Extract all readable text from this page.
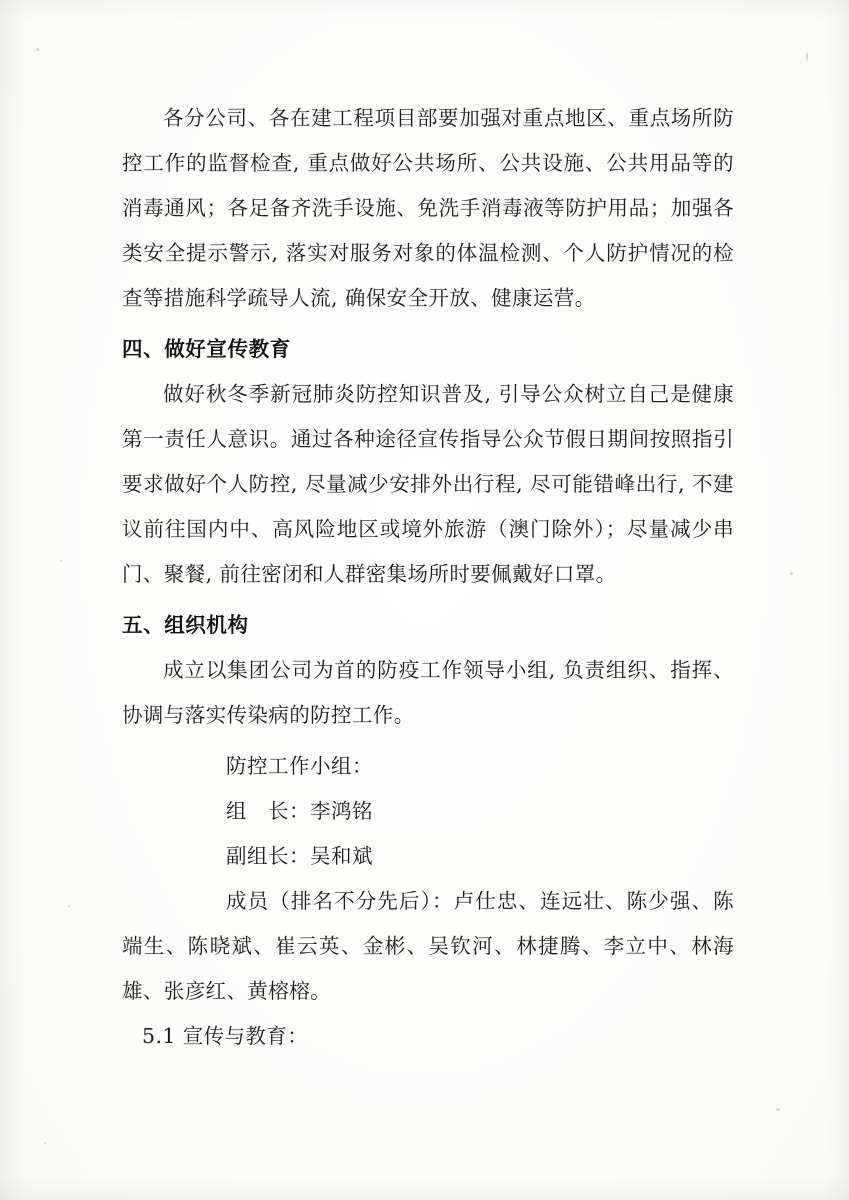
各分公司、各在建工程项目部要加强对重点地区、重点场所防控工作的监督检查, 重点做好公共场所、公共设施、公共用品等的消毒通风；各足备齐洗手设施、免洗手消毒液等防护用品；加强各类安全提示警示, 落实对服务对象的体温检测、个人防护情况的检查等措施科学疏导人流, 确保安全开放、健康运营。

四、做好宣传教育

做好秋冬季新冠肺炎防控知识普及, 引导公众树立自己是健康第一责任人意识。通过各种途径宣传指导公众节假日期间按照指引要求做好个人防控, 尽量减少安排外出行程, 尽可能错峰出行, 不建议前往国内中、高风险地区或境外旅游（澳门除外）；尽量减少串门、聚餐, 前往密闭和人群密集场所时要佩戴好口罩。

五、组织机构

成立以集团公司为首的防疫工作领导小组, 负责组织、指挥、协调与落实传染病的防控工作。

防控工作小组：

组　长：李鸿铭

副组长：吴和斌

成员（排名不分先后）：卢仕忠、连远壮、陈少强、陈端生、陈晓斌、崔云英、金彬、吴钦河、林捷腾、李立中、林海雄、张彦红、黄榕榕。

5.1 宣传与教育：
